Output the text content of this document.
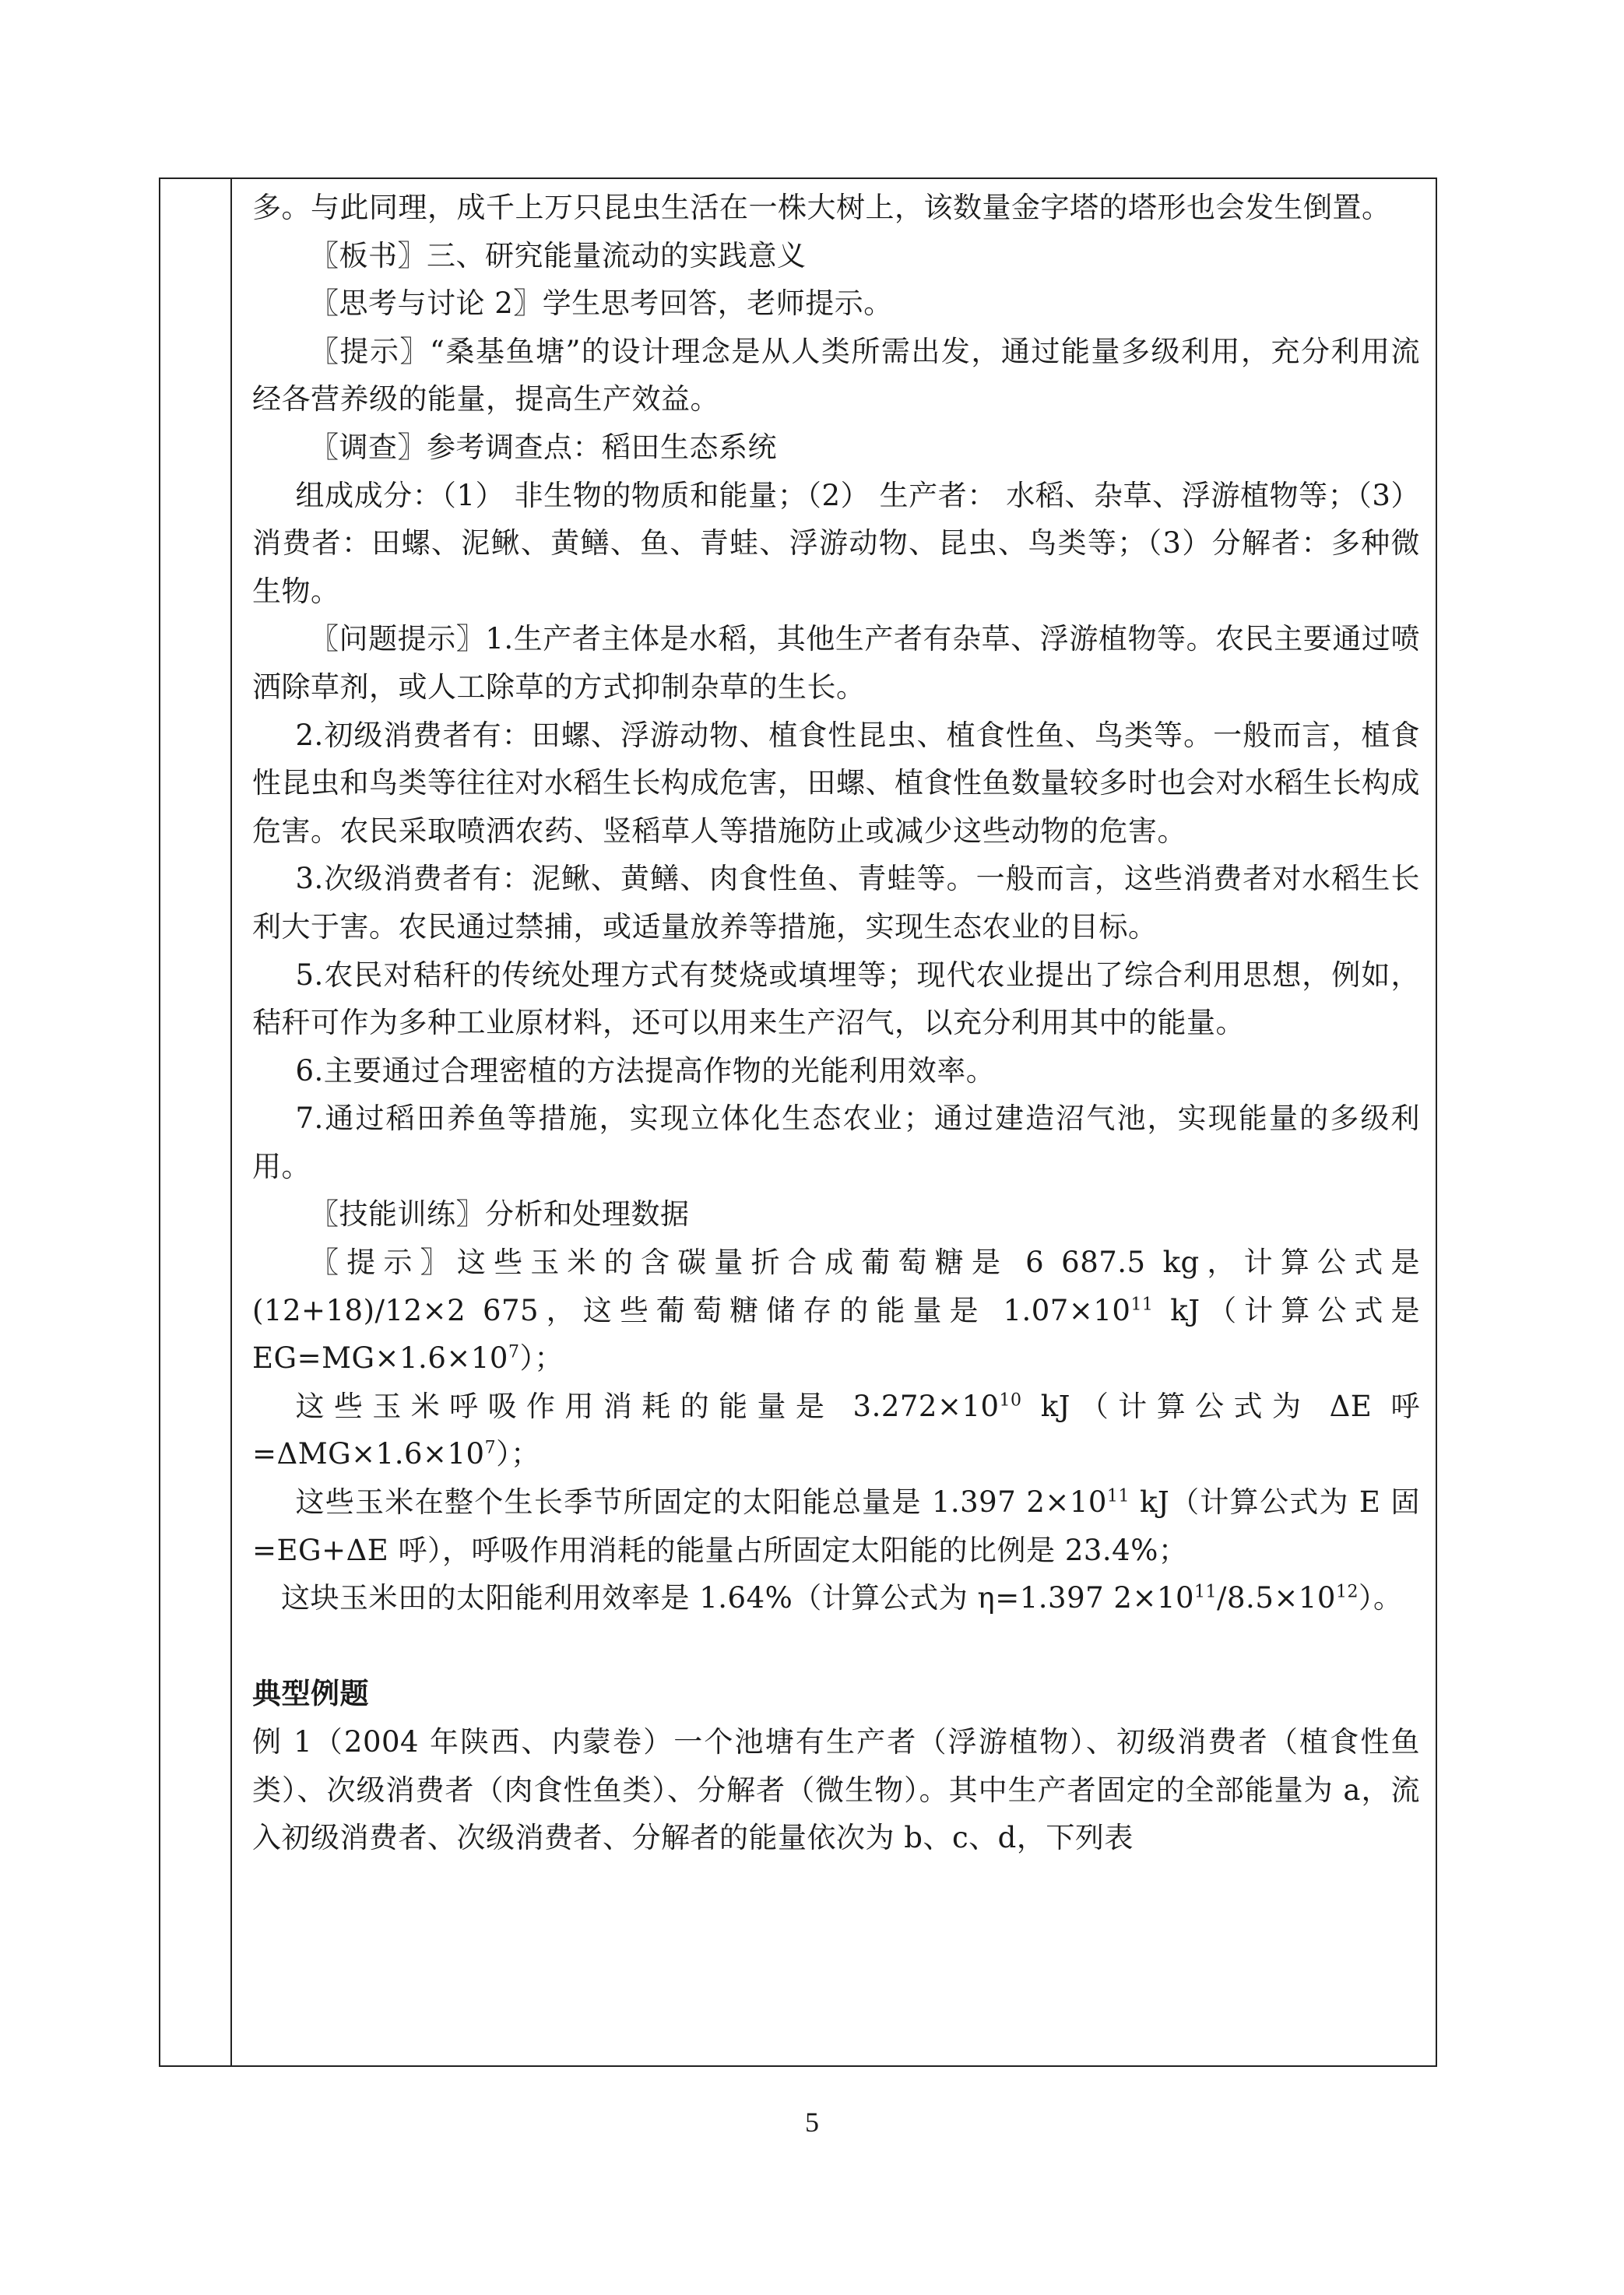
多。与此同理，成千上万只昆虫生活在一株大树上，该数量金字塔的塔形也会发生倒置。

〖板书〗三、研究能量流动的实践意义

〖思考与讨论 2〗学生思考回答，老师提示。

〖提示〗“桑基鱼塘”的设计理念是从人类所需出发，通过能量多级利用，充分利用流经各营养级的能量，提高生产效益。

〖调查〗参考调查点：稻田生态系统

组成成分：（1） 非生物的物质和能量；（2） 生产者： 水稻、杂草、浮游植物等；（3）消费者：田螺、泥鳅、黄鳝、鱼、青蛙、浮游动物、昆虫、鸟类等；（3）分解者：多种微生物。

〖问题提示〗1.生产者主体是水稻，其他生产者有杂草、浮游植物等。农民主要通过喷洒除草剂，或人工除草的方式抑制杂草的生长。

2.初级消费者有：田螺、浮游动物、植食性昆虫、植食性鱼、鸟类等。一般而言，植食性昆虫和鸟类等往往对水稻生长构成危害，田螺、植食性鱼数量较多时也会对水稻生长构成危害。农民采取喷洒农药、竖稻草人等措施防止或减少这些动物的危害。

3.次级消费者有：泥鳅、黄鳝、肉食性鱼、青蛙等。一般而言，这些消费者对水稻生长利大于害。农民通过禁捕，或适量放养等措施，实现生态农业的目标。

5.农民对秸秆的传统处理方式有焚烧或填埋等；现代农业提出了综合利用思想，例如，秸秆可作为多种工业原材料，还可以用来生产沼气，以充分利用其中的能量。

6.主要通过合理密植的方法提高作物的光能利用效率。

7.通过稻田养鱼等措施，实现立体化生态农业；通过建造沼气池，实现能量的多级利用。

〖技能训练〗分析和处理数据

〖提示〗这些玉米的含碳量折合成葡萄糖是 6 687.5 kg，计算公式是(12+18)/12×2 675，这些葡萄糖储存的能量是 $1.07\times 10^{11}$ kJ（计算公式是$EG=MG\times 1.6\times 10^7$）；

这些玉米呼吸作用消耗的能量是 $3.272\times 10^{10}$ kJ（计算公式为 ΔE 呼$=\Delta MG\times 1.6\times 10^7$）；

这些玉米在整个生长季节所固定的太阳能总量是 1.397 $2\times 10^{11}$ kJ（计算公式为 E 固=EG+ΔE 呼），呼吸作用消耗的能量占所固定太阳能的比例是 23.4%；

这块玉米田的太阳能利用效率是 1.64%（计算公式为 η=1.397 $2\times 10^{11}/8.5\times 10^{12}$）。

典型例题

例 1（2004 年陕西、内蒙卷）一个池塘有生产者（浮游植物）、初级消费者（植食性鱼类）、次级消费者（肉食性鱼类）、分解者（微生物）。其中生产者固定的全部能量为 a，流入初级消费者、次级消费者、分解者的能量依次为 b、c、d，下列表

5
